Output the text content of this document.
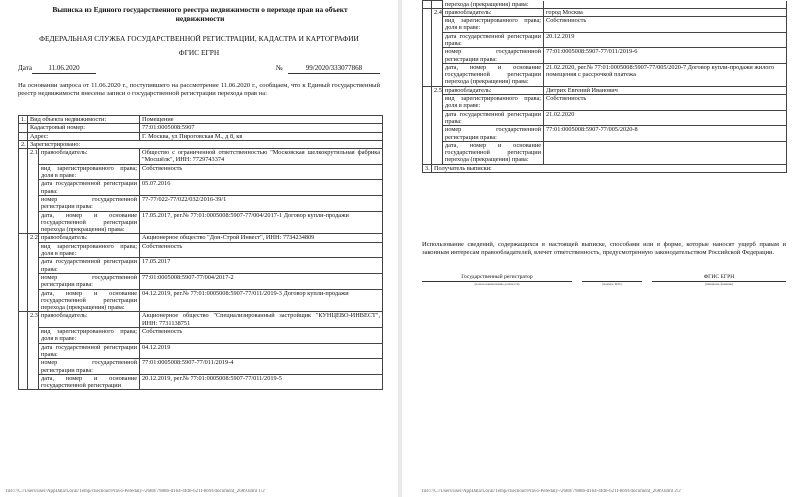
Выписка из Единого государственного реестра недвижимости о переходе прав на объект недвижимости
ФЕДЕРАЛЬНАЯ СЛУЖБА ГОСУДАРСТВЕННОЙ РЕГИСТРАЦИИ, КАДАСТРА И КАРТОГРАФИИ
ФГИС ЕГРН
Дата	11.06.2020	№	99/2020/333077868
На основании запроса от 11.06.2020 г., поступившего на рассмотрение 11.06.2020 г., сообщаем, что к Единый государственный реестр недвижимости внесены записи о государственной регистрации перехода прав на:
1.	Вид объекта недвижимости:		Помещение
	Кадастровый номер:		77:01:0005008:5907
	Адрес:		Г. Москва, ул Пироговская М., д 8, кв
2.	Зарегистрировано:		
	2.1	правообладатель:	Общество с ограниченной ответственностью "Московская шелкокрутильная фабрика "Мосшёлк", ИНН: 7729743374
		вид зарегистрированного права; доля в праве:	Собственность
		дата государственной регистрации права:	05.07.2016
		номер государственной регистрации права:	77-77/022-77/022/032/2016-39/1
		дата, номер и основание государственной регистрации перехода (прекращения) права:	17.05.2017, рег.№ 77:01:0005008:5907-77/004/2017-1 Договор купли-продажи
	2.2	правообладатель:	Акционерное общество "Дон-Строй Инвест", ИНН: 7734234809
		вид зарегистрированного права; доля в праве:	Собственность
		дата государственной регистрации права:	17.05.2017
		номер государственной регистрации права:	77:01:0005008:5907-77/004/2017-2
		дата, номер и основание государственной регистрации перехода (прекращения) права:	04.12.2019, рег.№ 77:01:0005008:5907-77/011/2019-3 Договор купли-продажи
	2.3	правообладатель:	Акционерное общество "Специализированный застройщик "КУНЦЕВО-ИНВЕСТ", ИНН: 7731138751
		вид зарегистрированного права; доля в праве:	Собственность
		дата государственной регистрации права:	04.12.2019
		номер государственной регистрации права:	77:01:0005008:5907-77/011/2019-4
		дата, номер и основание государственной регистрации	20.12.2019, рег.№ 77:01:0005008:5907-77/011/2019-5
file:///C:/Users/user/AppData/Local/Temp/checkout/Pravo-Peredaty-/2688/7988b-d1b4-4fd6-b21f-8b9f/document_2689.html 1/2
		перехода (прекращения) права:	
	2.4	правообладатель:	город Москва
		вид зарегистрированного права; доля в праве:	Собственность
		дата государственной регистрации права:	20.12.2019
		номер государственной регистрации права:	77:01:0005008:5907-77/011/2019-6
		дата, номер и основание государственной регистрации перехода (прекращения) права:	21.02.2020, рег.№ 77:01:0005008:5907-77/005/2020-7 Договор купли-продажи жилого помещения с рассрочкой платежа
	2.5	правообладатель:	Дитрих Евгений Иванович
		вид зарегистрированного права; доля в праве:	Собственность
		дата государственной регистрации права:	21.02.2020
		номер государственной регистрации права:	77:01:0005008:5907-77/005/2020-8
		дата, номер и основание государственной регистрации перехода (прекращения) права:	
3.	Получатель выписки:		
Использование сведений, содержащихся в настоящей выписке, способами или в форме, которые наносят ущерб правам и законным интересам правообладателей, влечет ответственность, предусмотренную законодательством Российской Федерации.
Государственный регистратор
(полное наименование должности)	(подпись, М.П.)
ФГИС ЕГРН
(инициалы, фамилия)
file:///C:/Users/user/AppData/Local/Temp/checkout/Pravo-Peredaty-/2688/7988b-d1b4-4fd6-b21f-8b9f/document_2689.html 2/2
